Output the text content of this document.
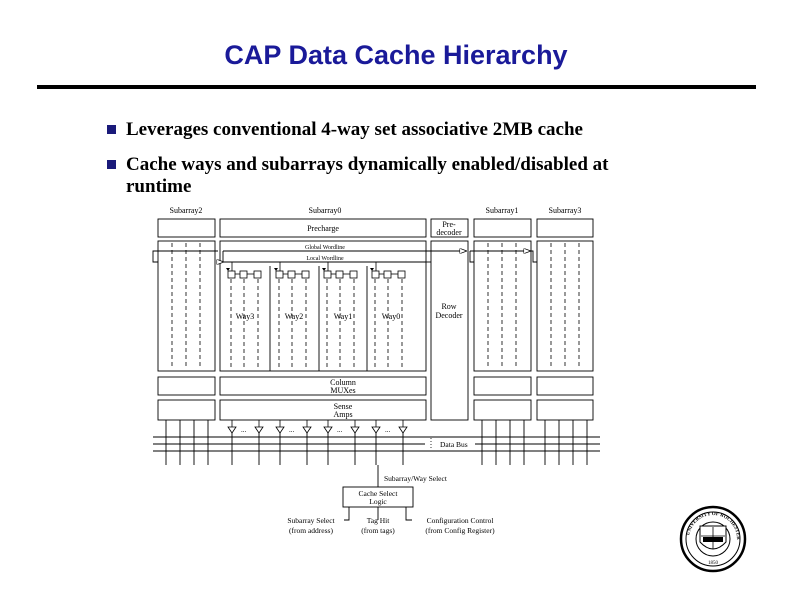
CAP Data Cache Hierarchy
Leverages conventional 4-way set associative 2MB cache
Cache ways and subarrays dynamically enabled/disabled at
runtime
Subarray2	Subarray0	Subarray1	Subarray3
Global Wordline
Local Wordline
Precharge	Pre-
decoder
Way3	Way2	Way1	Way0
Row
Decoder
Column
MUXes
Sense
Amps
...	...	...	...
Data Bus
Subarray/Way Select
Cache Select
Logic
Subarray Select
(from address)
Tag Hit
(from tags)
Configuration Control
(from Config Register)	UNIVERSITY OF ROCHESTER
MELIORA
1850
